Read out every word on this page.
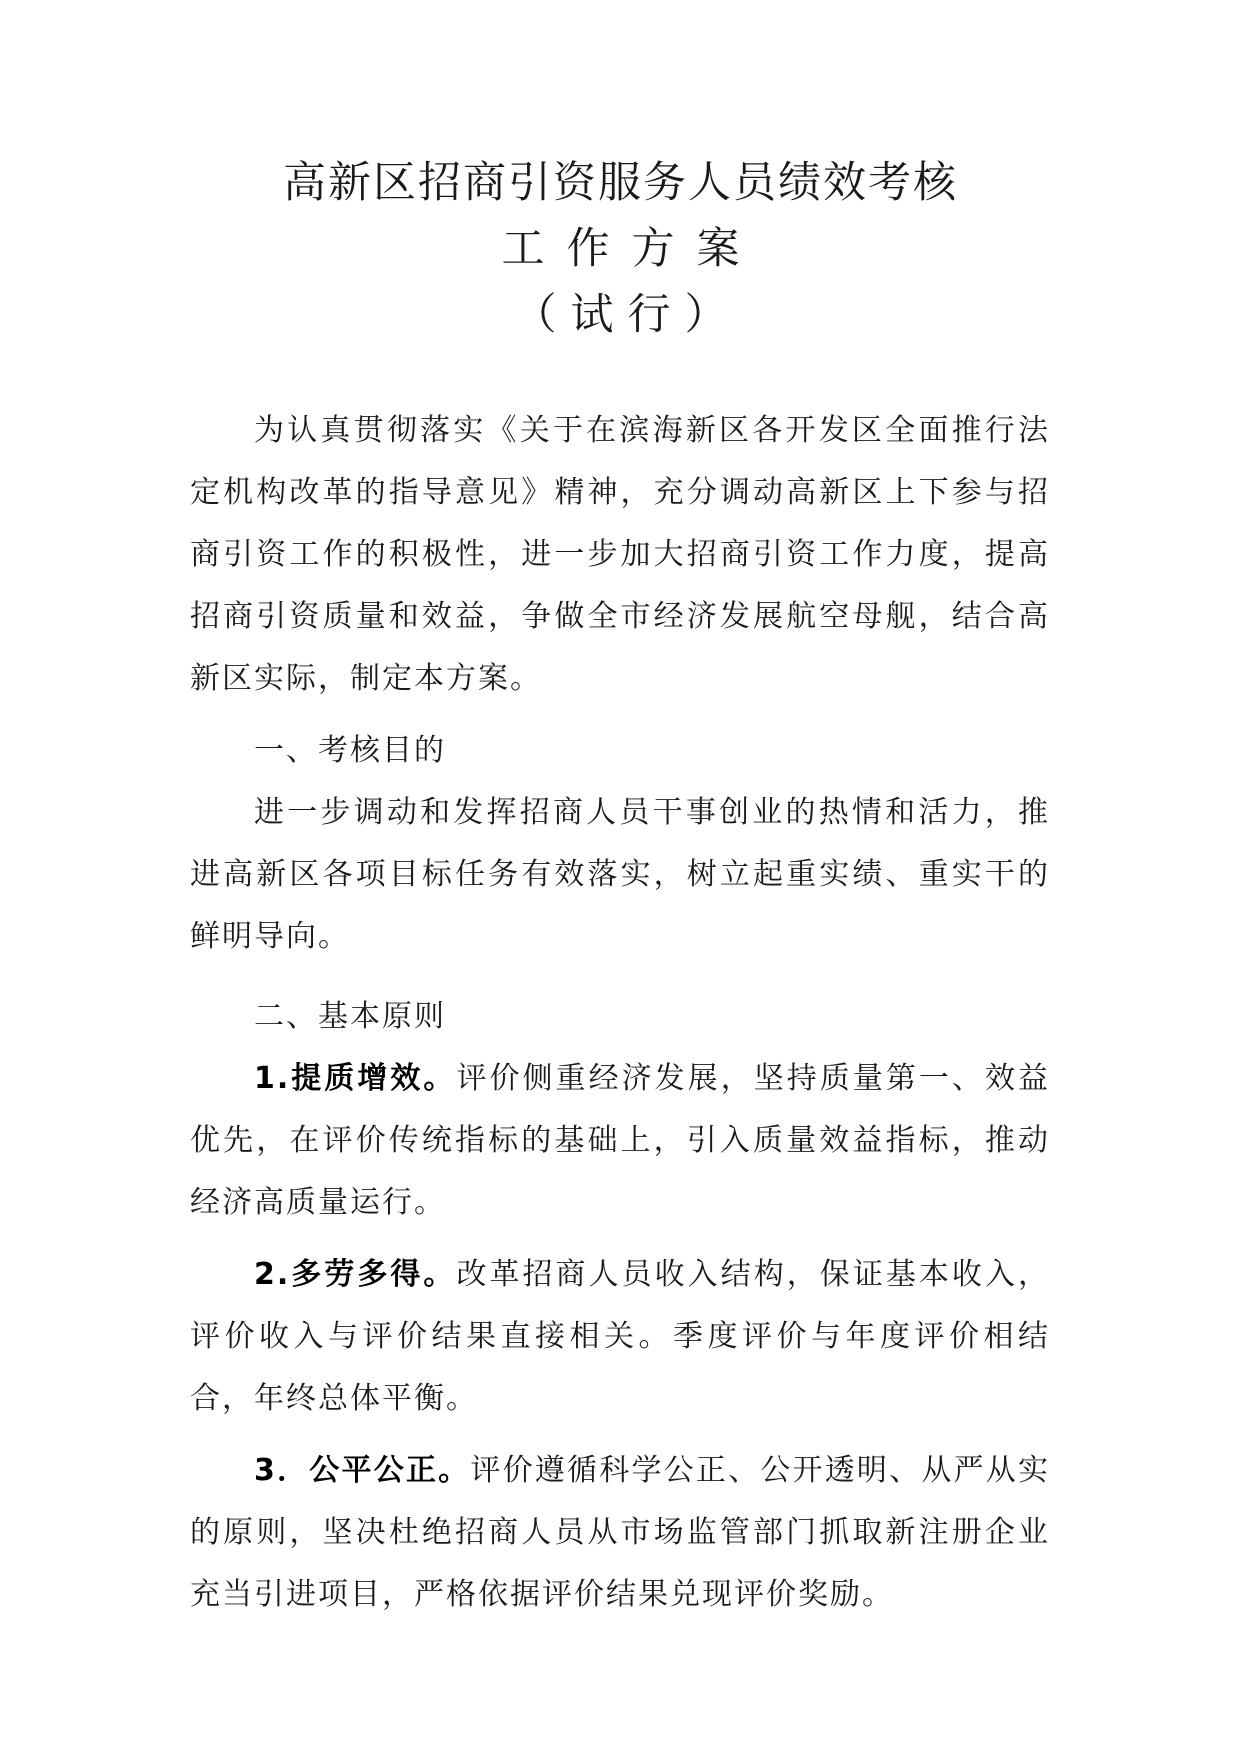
高新区招商引资服务人员绩效考核
工作方案
（试行）

为认真贯彻落实《关于在滨海新区各开发区全面推行法定机构改革的指导意见》精神，充分调动高新区上下参与招商引资工作的积极性，进一步加大招商引资工作力度，提高招商引资质量和效益，争做全市经济发展航空母舰，结合高新区实际，制定本方案。

一、考核目的

进一步调动和发挥招商人员干事创业的热情和活力，推进高新区各项目标任务有效落实，树立起重实绩、重实干的鲜明导向。

二、基本原则

1.提质增效。评价侧重经济发展，坚持质量第一、效益优先，在评价传统指标的基础上，引入质量效益指标，推动经济高质量运行。

2.多劳多得。改革招商人员收入结构，保证基本收入，评价收入与评价结果直接相关。季度评价与年度评价相结合，年终总体平衡。

3．公平公正。评价遵循科学公正、公开透明、从严从实的原则，坚决杜绝招商人员从市场监管部门抓取新注册企业充当引进项目，严格依据评价结果兑现评价奖励。
